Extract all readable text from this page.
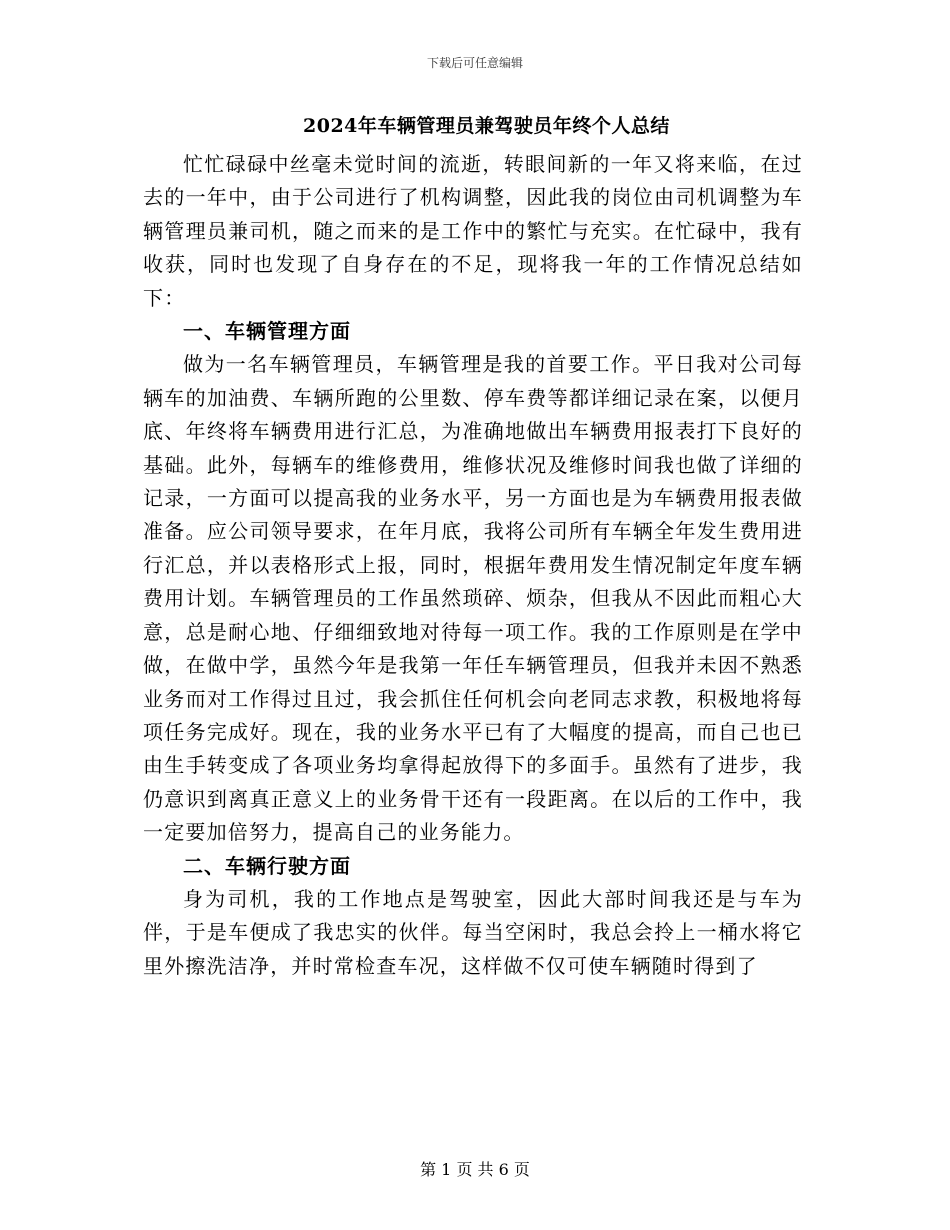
下载后可任意编辑
2024年车辆管理员兼驾驶员年终个人总结

忙忙碌碌中丝毫未觉时间的流逝，转眼间新的一年又将来临，在过去的一年中，由于公司进行了机构调整，因此我的岗位由司机调整为车辆管理员兼司机，随之而来的是工作中的繁忙与充实。在忙碌中，我有收获，同时也发现了自身存在的不足，现将我一年的工作情况总结如下：

一、车辆管理方面

做为一名车辆管理员，车辆管理是我的首要工作。平日我对公司每辆车的加油费、车辆所跑的公里数、停车费等都详细记录在案，以便月底、年终将车辆费用进行汇总，为准确地做出车辆费用报表打下良好的基础。此外，每辆车的维修费用，维修状况及维修时间我也做了详细的记录，一方面可以提高我的业务水平，另一方面也是为车辆费用报表做准备。应公司领导要求，在年月底，我将公司所有车辆全年发生费用进行汇总，并以表格形式上报，同时，根据年费用发生情况制定年度车辆费用计划。车辆管理员的工作虽然琐碎、烦杂，但我从不因此而粗心大意，总是耐心地、仔细细致地对待每一项工作。我的工作原则是在学中做，在做中学，虽然今年是我第一年任车辆管理员，但我并未因不熟悉业务而对工作得过且过，我会抓住任何机会向老同志求教，积极地将每项任务完成好。现在，我的业务水平已有了大幅度的提高，而自己也已由生手转变成了各项业务均拿得起放得下的多面手。虽然有了进步，我仍意识到离真正意义上的业务骨干还有一段距离。在以后的工作中，我一定要加倍努力，提高自己的业务能力。

二、车辆行驶方面

身为司机，我的工作地点是驾驶室，因此大部时间我还是与车为伴，于是车便成了我忠实的伙伴。每当空闲时，我总会拎上一桶水将它里外擦洗洁净，并时常检查车况，这样做不仅可使车辆随时得到了

第 1 页 共 6 页
